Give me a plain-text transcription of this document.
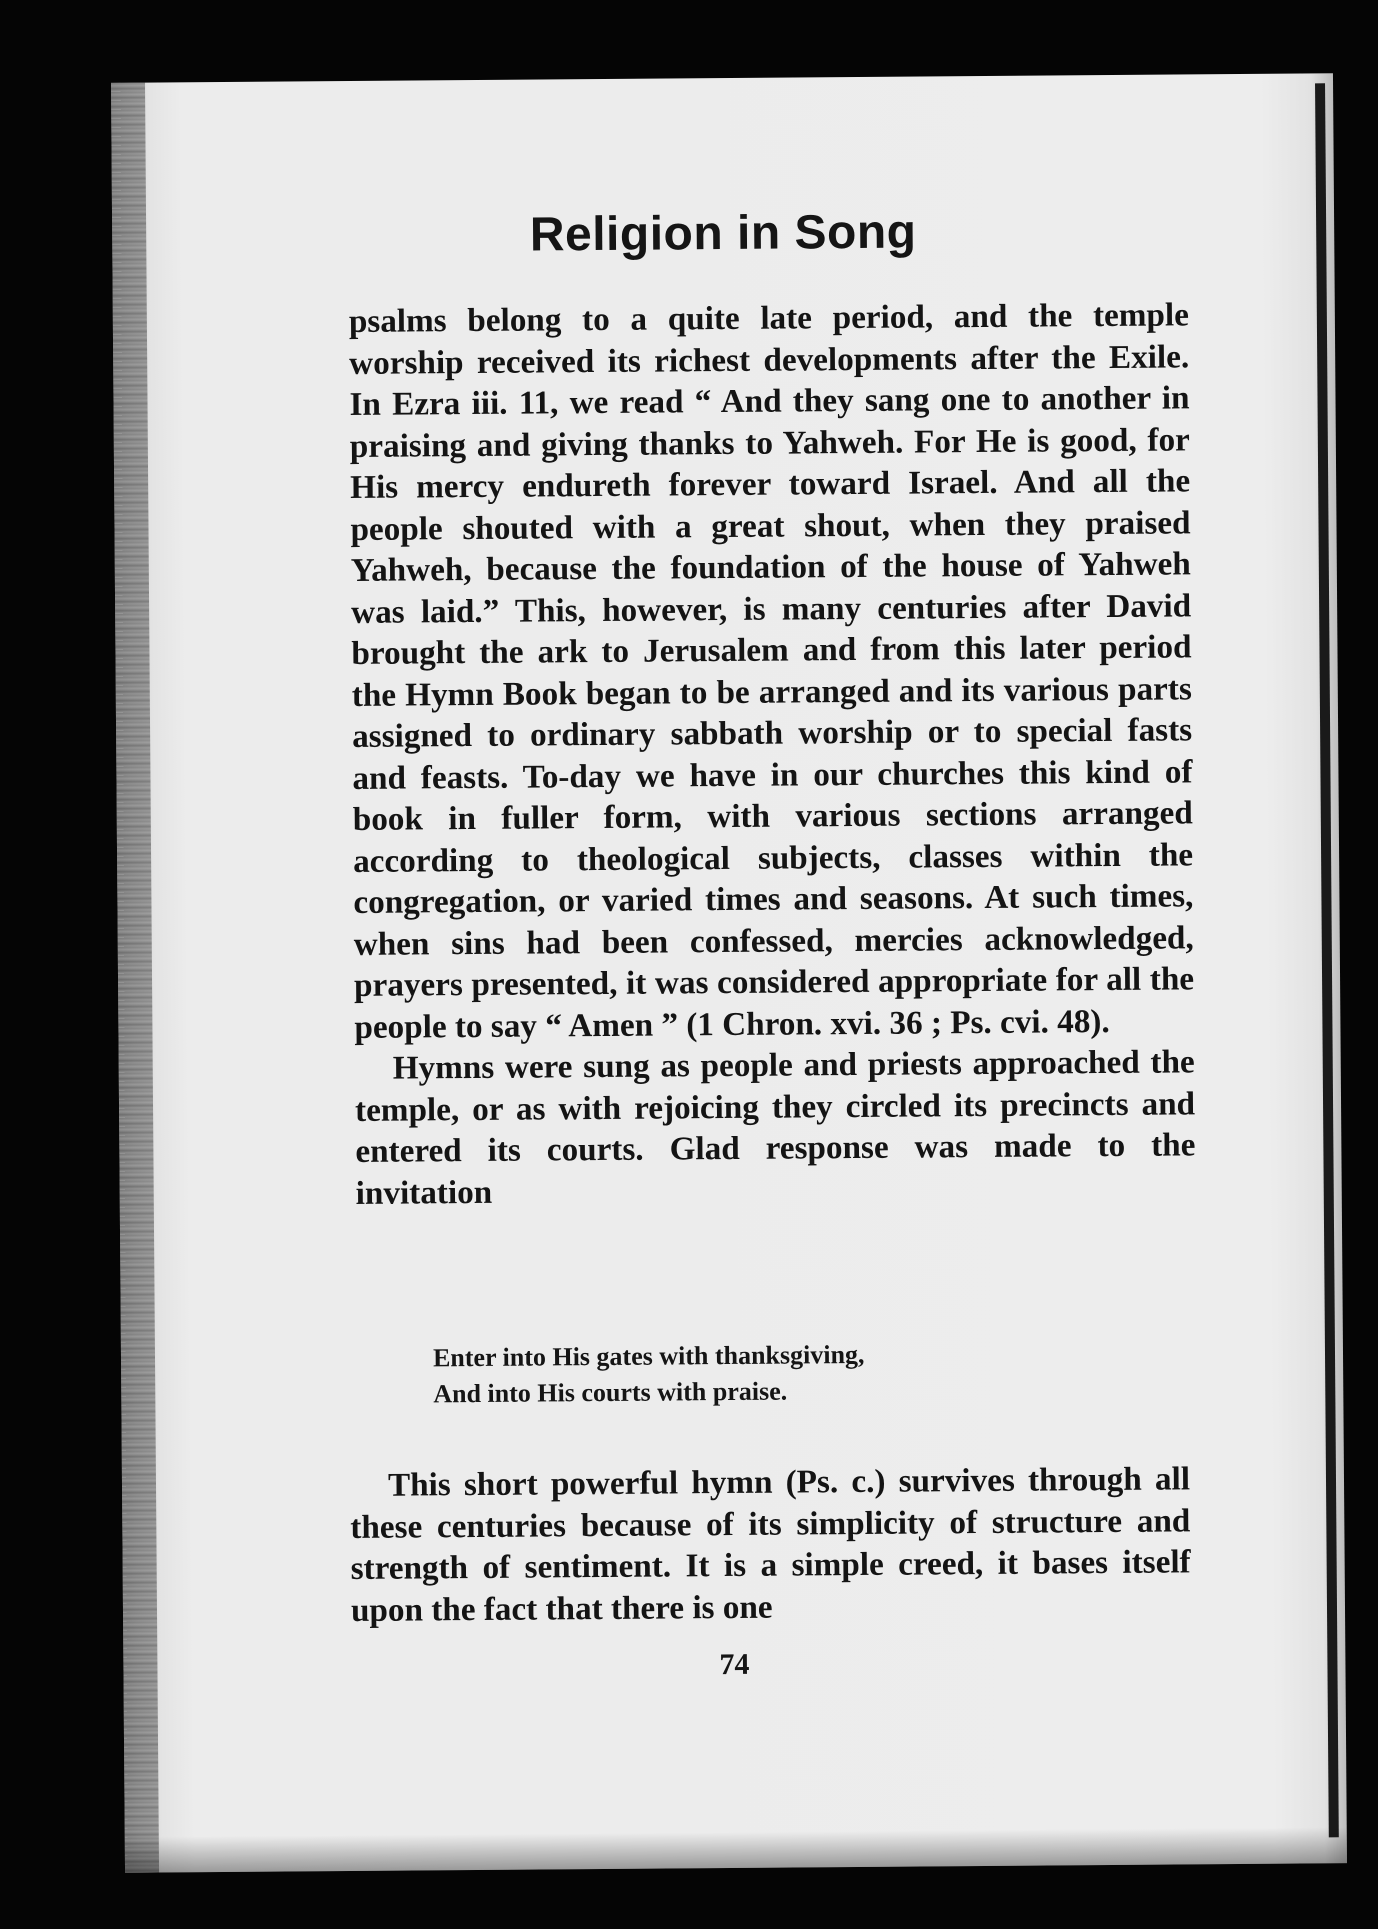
Religion in Song

psalms belong to a quite late period, and the temple worship received its richest developments after the Exile. In Ezra iii. 11, we read “ And they sang one to another in praising and giving thanks to Yahweh. For He is good, for His mercy endureth forever toward Israel. And all the people shouted with a great shout, when they praised Yahweh, because the foundation of the house of Yahweh was laid.” This, however, is many centuries after David brought the ark to Jerusalem and from this later period the Hymn Book began to be arranged and its various parts assigned to ordinary sabbath worship or to special fasts and feasts. To-day we have in our churches this kind of book in fuller form, with various sections arranged according to theological subjects, classes within the congregation, or varied times and seasons. At such times, when sins had been confessed, mercies acknowledged, prayers presented, it was considered appropriate for all the people to say “ Amen ” (1 Chron. xvi. 36 ; Ps. cvi. 48).

Hymns were sung as people and priests approached the temple, or as with rejoicing they circled its precincts and entered its courts. Glad response was made to the invitation

Enter into His gates with thanksgiving,
And into His courts with praise.
This short powerful hymn (Ps. c.) survives through all these centuries because of its simplicity of structure and strength of sentiment. It is a simple creed, it bases itself upon the fact that there is one
74
